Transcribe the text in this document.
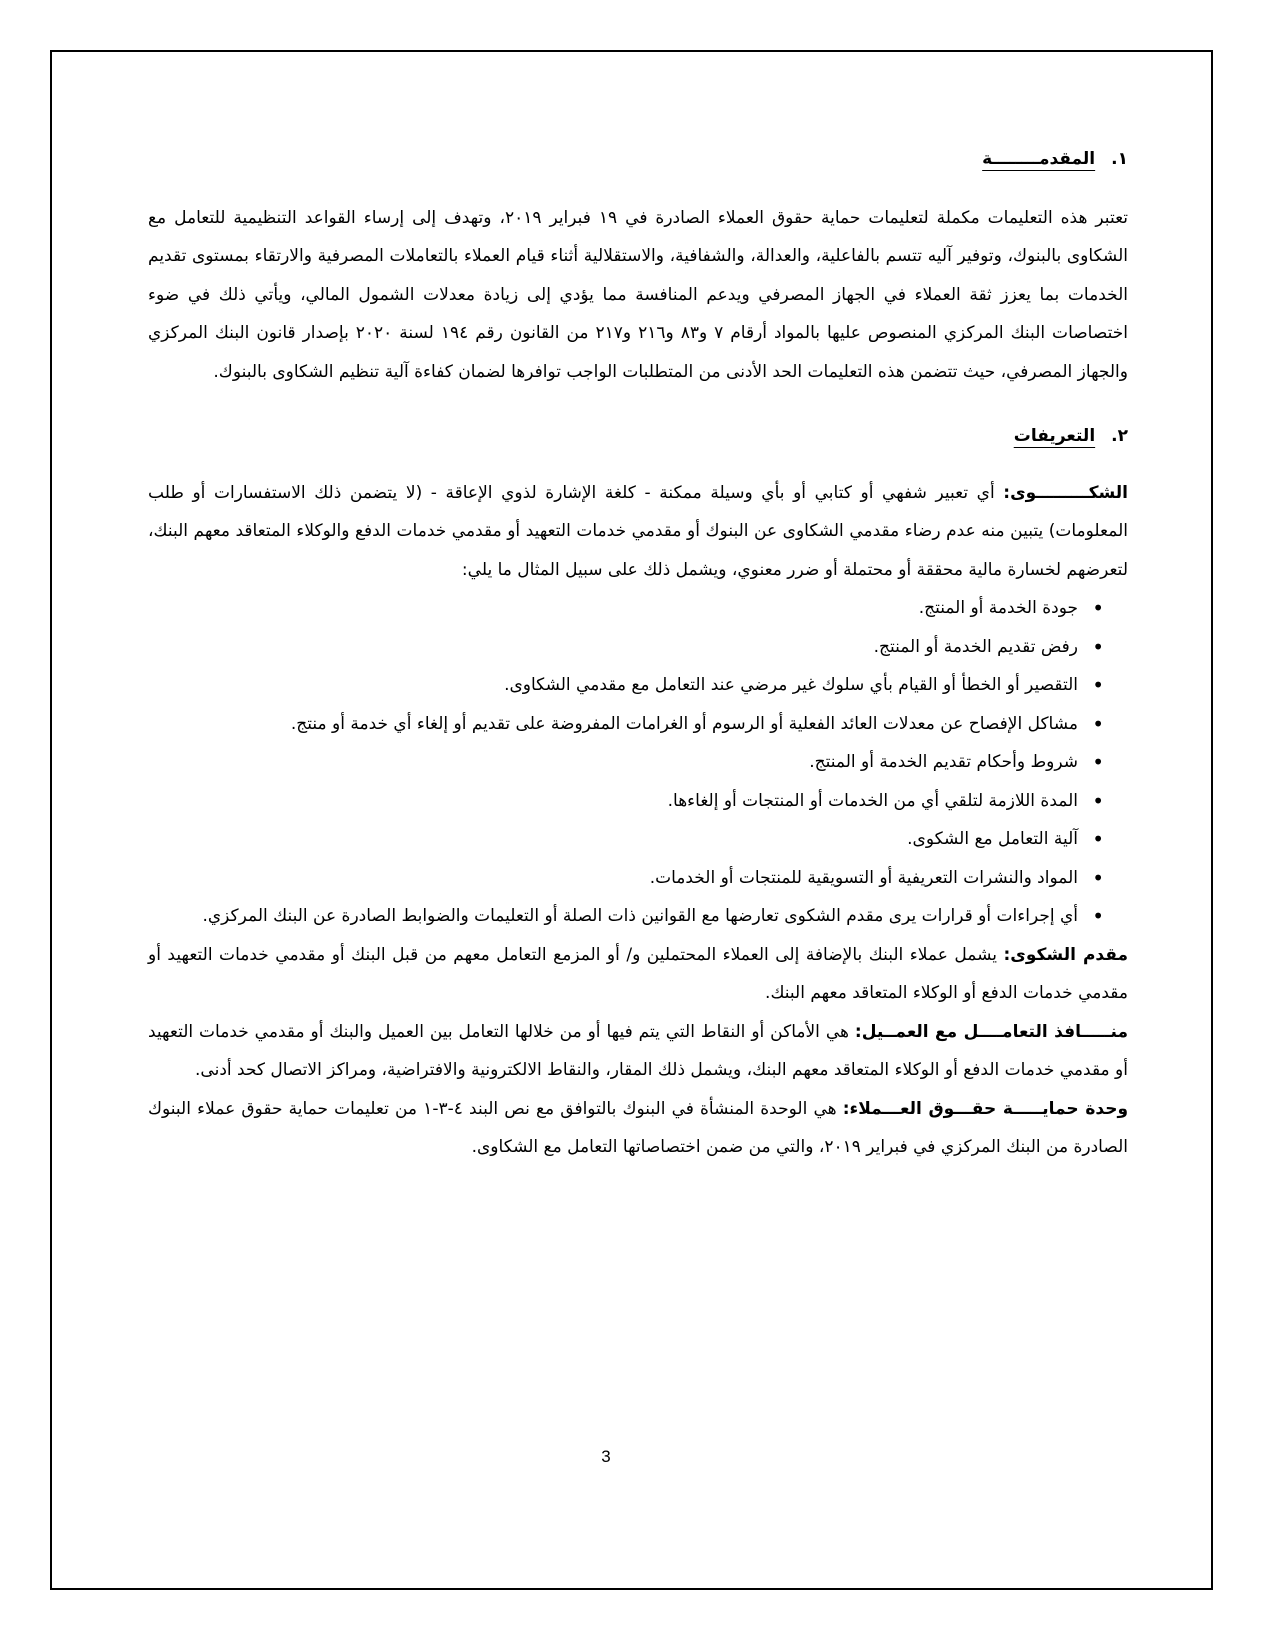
١.
المقدمــــــــة

تعتبر هذه التعليمات مكملة لتعليمات حماية حقوق العملاء الصادرة في ١٩ فبراير ٢٠١٩، وتهدف إلى إرساء القواعد التنظيمية للتعامل مع الشكاوى بالبنوك، وتوفير آليه تتسم بالفاعلية، والعدالة، والشفافية، والاستقلالية أثناء قيام العملاء بالتعاملات المصرفية والارتقاء بمستوى تقديم الخدمات بما يعزز ثقة العملاء في الجهاز المصرفي ويدعم المنافسة مما يؤدي إلى زيادة معدلات الشمول المالي، ويأتي ذلك في ضوء اختصاصات البنك المركزي المنصوص عليها بالمواد أرقام ٧ و٨٣ و٢١٦ و٢١٧ من القانون رقم ١٩٤ لسنة ٢٠٢٠ بإصدار قانون البنك المركزي والجهاز المصرفي، حيث تتضمن هذه التعليمات الحد الأدنى من المتطلبات الواجب توافرها لضمان كفاءة آلية تنظيم الشكاوى بالبنوك.

٢.
التعريفات

الشكـــــــــوى: أي تعبير شفهي أو كتابي أو بأي وسيلة ممكنة - كلغة الإشارة لذوي الإعاقة - (لا يتضمن ذلك الاستفسارات أو طلب المعلومات) يتبين منه عدم رضاء مقدمي الشكاوى عن البنوك أو مقدمي خدمات التعهيد أو مقدمي خدمات الدفع والوكلاء المتعاقد معهم البنك، لتعرضهم لخسارة مالية محققة أو محتملة أو ضرر معنوي، ويشمل ذلك على سبيل المثال ما يلي:

• جودة الخدمة أو المنتج.
• رفض تقديم الخدمة أو المنتج.
• التقصير أو الخطأ أو القيام بأي سلوك غير مرضي عند التعامل مع مقدمي الشكاوى.
• مشاكل الإفصاح عن معدلات العائد الفعلية أو الرسوم أو الغرامات المفروضة على تقديم أو إلغاء أي خدمة أو منتج.
• شروط وأحكام تقديم الخدمة أو المنتج.
• المدة اللازمة لتلقي أي من الخدمات أو المنتجات أو إلغاءها.
• آلية التعامل مع الشكوى.
• المواد والنشرات التعريفية أو التسويقية للمنتجات أو الخدمات.
• أي إجراءات أو قرارات يرى مقدم الشكوى تعارضها مع القوانين ذات الصلة أو التعليمات والضوابط الصادرة عن البنك المركزي.

مقدم الشكوى: يشمل عملاء البنك بالإضافة إلى العملاء المحتملين و/ أو المزمع التعامل معهم من قبل البنك أو مقدمي خدمات التعهيد أو مقدمي خدمات الدفع أو الوكلاء المتعاقد معهم البنك.

منـــــافذ التعامــــل مع العمــيل: هي الأماكن أو النقاط التي يتم فيها أو من خلالها التعامل بين العميل والبنك أو مقدمي خدمات التعهيد أو مقدمي خدمات الدفع أو الوكلاء المتعاقد معهم البنك، ويشمل ذلك المقار، والنقاط الالكترونية والافتراضية، ومراكز الاتصال كحد أدنى.

وحدة حمايـــــة حقـــوق العـــملاء: هي الوحدة المنشأة في البنوك بالتوافق مع نص البند ٤-٣-١ من تعليمات حماية حقوق عملاء البنوك الصادرة من البنك المركزي في فبراير ٢٠١٩، والتي من ضمن اختصاصاتها التعامل مع الشكاوى.

3
